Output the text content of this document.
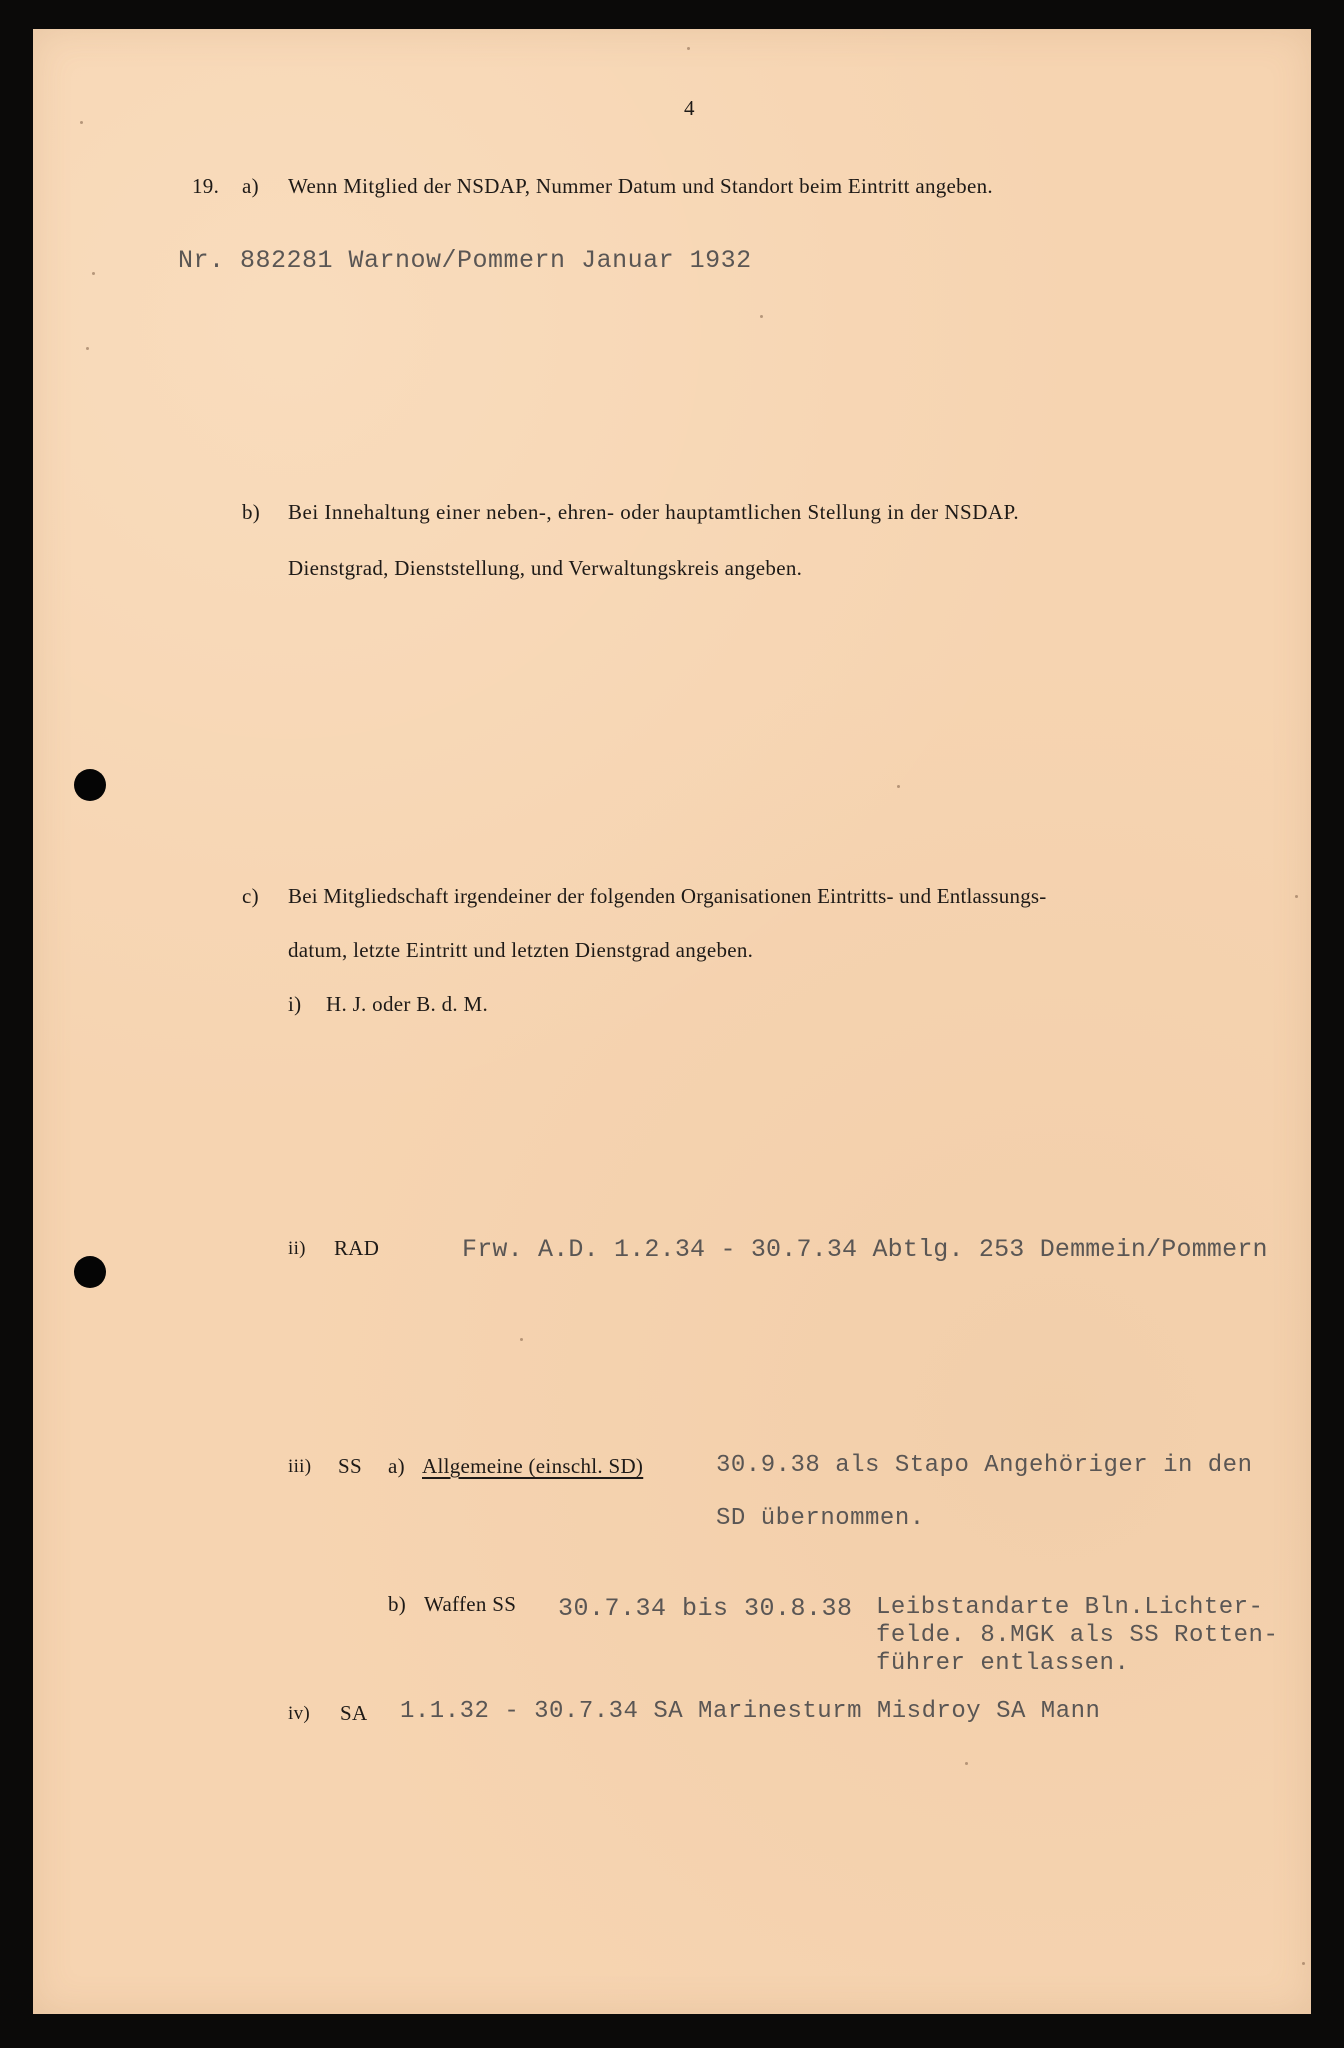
4
19. a) Wenn Mitglied der NSDAP, Nummer Datum und Standort beim Eintritt angeben.
Nr. 882281 Warnow/Pommern Januar 1932
b) Bei Innehaltung einer neben-, ehren- oder hauptamtlichen Stellung in der NSDAP.
Dienstgrad, Dienststellung, und Verwaltungskreis angeben.
c) Bei Mitgliedschaft irgendeiner der folgenden Organisationen Eintritts- und Entlassungs-
datum, letzte Eintritt und letzten Dienstgrad angeben.
i) H. J. oder B. d. M.
ii) RAD	Frw. A.D. 1.2.34 - 30.7.34 Abtlg. 253 Demmein/Pommern
iii) SS a) Allgemeine (einschl. SD)	30.9.38 als Stapo Angehöriger in den
SD übernommen.
b) Waffen SS 30.7.34 bis 30.8.38 Leibstandarte Bln.Lichter-
felde. 8.MGK als SS Rotten-
führer entlassen.
iv) SA 1.1.32 - 30.7.34 SA Marinesturm Misdroy SA Mann
